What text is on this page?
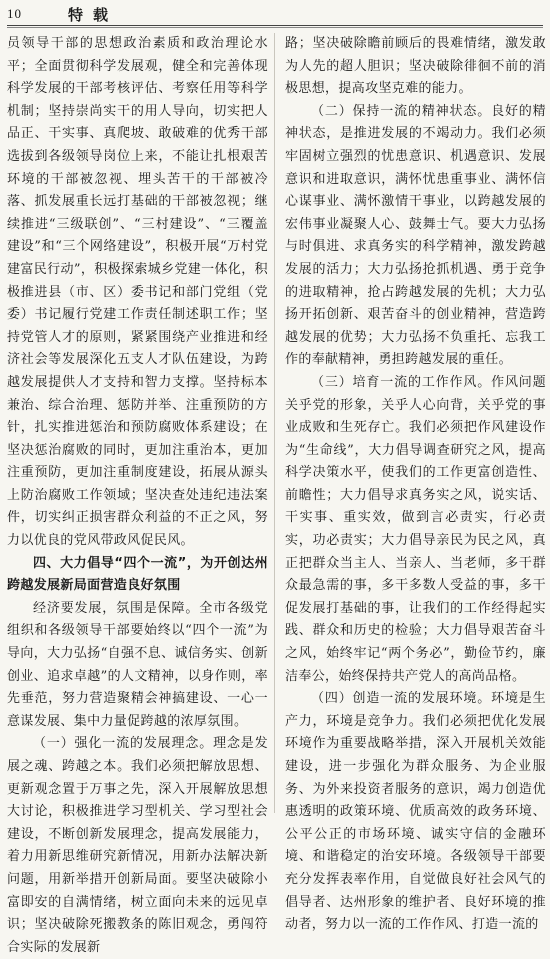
10	特载

员领导干部的思想政治素质和政治理论水平；全面贯彻科学发展观，健全和完善体现科学发展的干部考核评估、考察任用等科学机制；坚持崇尚实干的用人导向，切实把人品正、干实事、真爬坡、敢破难的优秀干部选拔到各级领导岗位上来，不能让扎根艰苦环境的干部被忽视、埋头苦干的干部被冷落、抓发展重长远打基础的干部被忽视；继续推进“三级联创”、“三村建设”、“三覆盖建设”和“三个网络建设”，积极开展“万村党建富民行动”，积极探索城乡党建一体化，积极推进县（市、区）委书记和部门党组（党委）书记履行党建工作责任制述职工作；坚持党管人才的原则，紧紧围绕产业推进和经济社会等发展深化五支人才队伍建设，为跨越发展提供人才支持和智力支撑。坚持标本兼治、综合治理、惩防并举、注重预防的方针，扎实推进惩治和预防腐败体系建设；在坚决惩治腐败的同时，更加注重治本，更加注重预防，更加注重制度建设，拓展从源头上防治腐败工作领域；坚决查处违纪违法案件，切实纠正损害群众利益的不正之风，努力以优良的党风带政风促民风。

四、大力倡导“四个一流”，为开创达州跨越发展新局面营造良好氛围

经济要发展，氛围是保障。全市各级党组织和各级领导干部要始终以“四个一流”为导向，大力弘扬“自强不息、诚信务实、创新创业、追求卓越”的人文精神，以身作则，率先垂范，努力营造聚精会神搞建设、一心一意谋发展、集中力量促跨越的浓厚氛围。

（一）强化一流的发展理念。理念是发展之魂、跨越之本。我们必须把解放思想、更新观念置于万事之先，深入开展解放思想大讨论，积极推进学习型机关、学习型社会建设，不断创新发展理念，提高发展能力，着力用新思维研究新情况，用新办法解决新问题，用新举措开创新局面。要坚决破除小富即安的自满情绪，树立面向未来的远见卓识；坚决破除死搬教条的陈旧观念，勇闯符合实际的发展新

路；坚决破除瞻前顾后的畏难情绪，激发敢为人先的超人胆识；坚决破除徘徊不前的消极思想，提高攻坚克难的能力。

（二）保持一流的精神状态。良好的精神状态，是推进发展的不竭动力。我们必须牢固树立强烈的忧患意识、机遇意识、发展意识和进取意识，满怀忧患重事业、满怀信心谋事业、满怀激情干事业，以跨越发展的宏伟事业凝聚人心、鼓舞士气。要大力弘扬与时俱进、求真务实的科学精神，激发跨越发展的活力；大力弘扬抢抓机遇、勇于竞争的进取精神，抢占跨越发展的先机；大力弘扬开拓创新、艰苦奋斗的创业精神，营造跨越发展的优势；大力弘扬不负重托、忘我工作的奉献精神，勇担跨越发展的重任。

（三）培育一流的工作作风。作风问题关乎党的形象，关乎人心向背，关乎党的事业成败和生死存亡。我们必须把作风建设作为“生命线”，大力倡导调查研究之风，提高科学决策水平，使我们的工作更富创造性、前瞻性；大力倡导求真务实之风，说实话、干实事、重实效，做到言必责实，行必责实，功必责实；大力倡导亲民为民之风，真正把群众当主人、当亲人、当老师，多干群众最急需的事，多干多数人受益的事，多干促发展打基础的事，让我们的工作经得起实践、群众和历史的检验；大力倡导艰苦奋斗之风，始终牢记“两个务必”，勤俭节约，廉洁奉公，始终保持共产党人的高尚品格。

（四）创造一流的发展环境。环境是生产力，环境是竞争力。我们必须把优化发展环境作为重要战略举措，深入开展机关效能建设，进一步强化为群众服务、为企业服务、为外来投资者服务的意识，竭力创造优惠透明的政策环境、优质高效的政务环境、公平公正的市场环境、诚实守信的金融环境、和谐稳定的治安环境。各级领导干部要充分发挥表率作用，自觉做良好社会风气的倡导者、达州形象的维护者、良好环境的推动者，努力以一流的工作作风、打造一流的
